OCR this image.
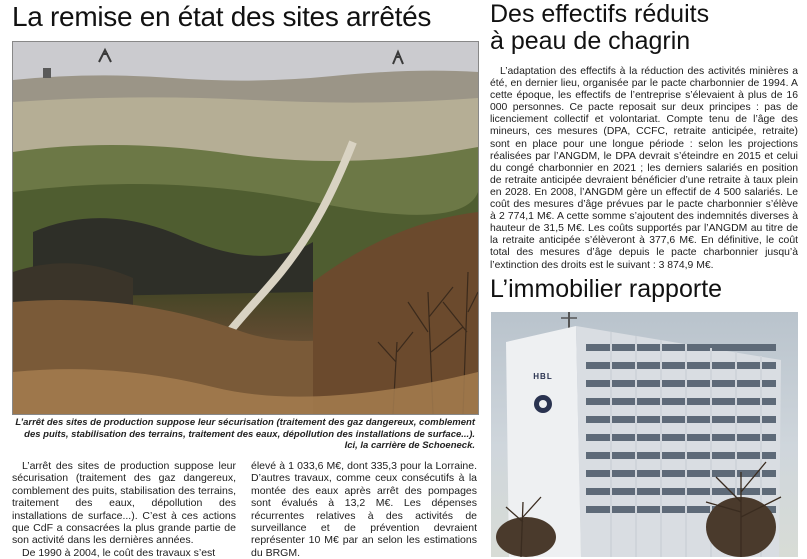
La remise en état des sites arrêtés Des effectifs réduits
à peau de chagrin
L’arrêt des sites de production suppose leur sécurisation (traitement des gaz dangereux, comblement des puits, stabilisation des terrains, traitement des eaux, dépollution des installations de surface...). Ici, la carrière de Schoeneck.
L’arrêt des sites de production suppose leur sécurisation (traitement des gaz dangereux, comblement des puits, stabilisation des terrains, traitement des eaux, dépollution des installations de surface...). C’est à ces actions que CdF a consacrées la plus grande partie de son activité dans les dernières années.
De 1990 à 2004, le coût des travaux s’est
élevé à 1 033,6 M€, dont 335,3 pour la Lorraine. D’autres travaux, comme ceux consécutifs à la montée des eaux après arrêt des pompages sont évalués à 13,2 M€. Les dépenses récurrentes relatives à des activités de surveillance et de prévention devraient représenter 10 M€ par an selon les estimations du BRGM.
L’adaptation des effectifs à la réduction des activités minières a été, en dernier lieu, organisée par le pacte charbonnier de 1994. A cette époque, les effectifs de l’entreprise s’élevaient à plus de 16 000 personnes. Ce pacte reposait sur deux principes : pas de licenciement collectif et volontariat. Compte tenu de l’âge des mineurs, ces mesures (DPA, CCFC, retraite anticipée, retraite) sont en place pour une longue période : selon les projections réalisées par l’ANGDM, le DPA devrait s’éteindre en 2015 et celui du congé charbonnier en 2021 ; les derniers salariés en position de retraite anticipée devraient bénéficier d’une retraite à taux plein en 2028. En 2008, l’ANGDM gère un effectif de 4 500 salariés. Le coût des mesures d’âge prévues par le pacte charbonnier s’élève à 2 774,1 M€. A cette somme s’ajoutent des indemnités diverses à hauteur de 31,5 M€. Les coûts supportés par l’ANGDM au titre de la retraite anticipée s’élèveront à 377,6 M€. En définitive, le coût total des mesures d’âge depuis le pacte charbonnier jusqu’à l’extinction des droits est le suivant : 3 874,9 M€.
L’immobilier rapporte
HBL
